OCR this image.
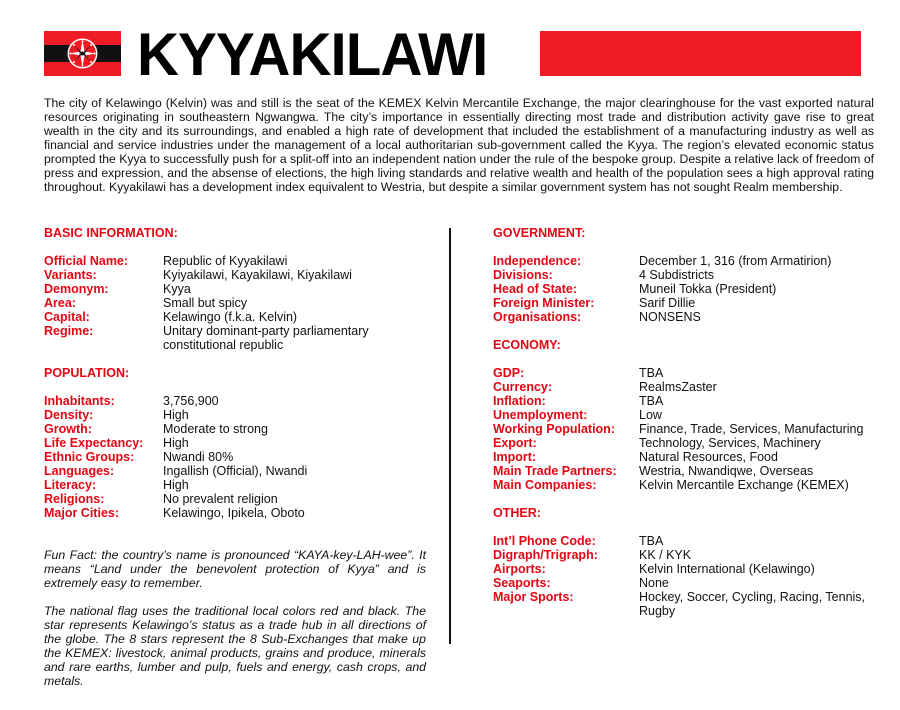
KYYAKILAWI

The city of Kelawingo (Kelvin) was and still is the seat of the KEMEX Kelvin Mercantile Exchange, the major clearinghouse for the vast exported natural resources originating in southeastern Ngwangwa. The city’s importance in essentially directing most trade and distribution activity gave rise to great wealth in the city and its surroundings, and enabled a high rate of development that included the establishment of a manufacturing industry as well as financial and service industries under the management of a local authoritarian sub-government called the Kyya. The region’s elevated economic status prompted the Kyya to successfully push for a split-off into an independent nation under the rule of the bespoke group. Despite a relative lack of freedom of press and expression, and the absense of elections, the high living standards and relative wealth and health of the population sees a high approval rating throughout. Kyyakilawi has a development index equivalent to Westria, but despite a similar government system has not sought Realm membership.

BASIC INFORMATION:
Official Name:	Republic of Kyyakilawi
Variants:	Kyiyakilawi, Kayakilawi, Kiyakilawi
Demonym:	Kyya
Area:	Small but spicy
Capital:	Kelawingo (f.k.a. Kelvin)
Regime:	Unitary dominant-party parliamentary constitutional republic
POPULATION:
Inhabitants:	3,756,900
Density:	High
Growth:	Moderate to strong
Life Expectancy:	High
Ethnic Groups:	Nwandi 80%
Languages:	Ingallish (Official), Nwandi
Literacy:	High
Religions:	No prevalent religion
Major Cities:	Kelawingo, Ipikela, Oboto

Fun Fact: the country’s name is pronounced “KAYA-key-LAH-wee”. It means “Land under the benevolent protection of Kyya” and is extremely easy to remember.

The national flag uses the traditional local colors red and black. The star represents Kelawingo’s status as a trade hub in all directions of the globe. The 8 stars represent the 8 Sub-Exchanges that make up the KEMEX: livestock, animal products, grains and produce, minerals and rare earths, lumber and pulp, fuels and energy, cash crops, and metals.

GOVERNMENT:
Independence:	December 1, 316 (from Armatirion)
Divisions:	4 Subdistricts
Head of State:	Muneil Tokka (President)
Foreign Minister:	Sarif Dillie
Organisations:	NONSENS
ECONOMY:
GDP:	TBA
Currency:	RealmsZaster
Inflation:	TBA
Unemployment:	Low
Working Population:	Finance, Trade, Services, Manufacturing
Export:	Technology, Services, Machinery
Import:	Natural Resources, Food
Main Trade Partners:	Westria, Nwandiqwe, Overseas
Main Companies:	Kelvin Mercantile Exchange (KEMEX)
OTHER:
Int’l Phone Code:	TBA
Digraph/Trigraph:	KK / KYK
Airports:	Kelvin International (Kelawingo)
Seaports:	None
Major Sports:	Hockey, Soccer, Cycling, Racing, Tennis, Rugby
